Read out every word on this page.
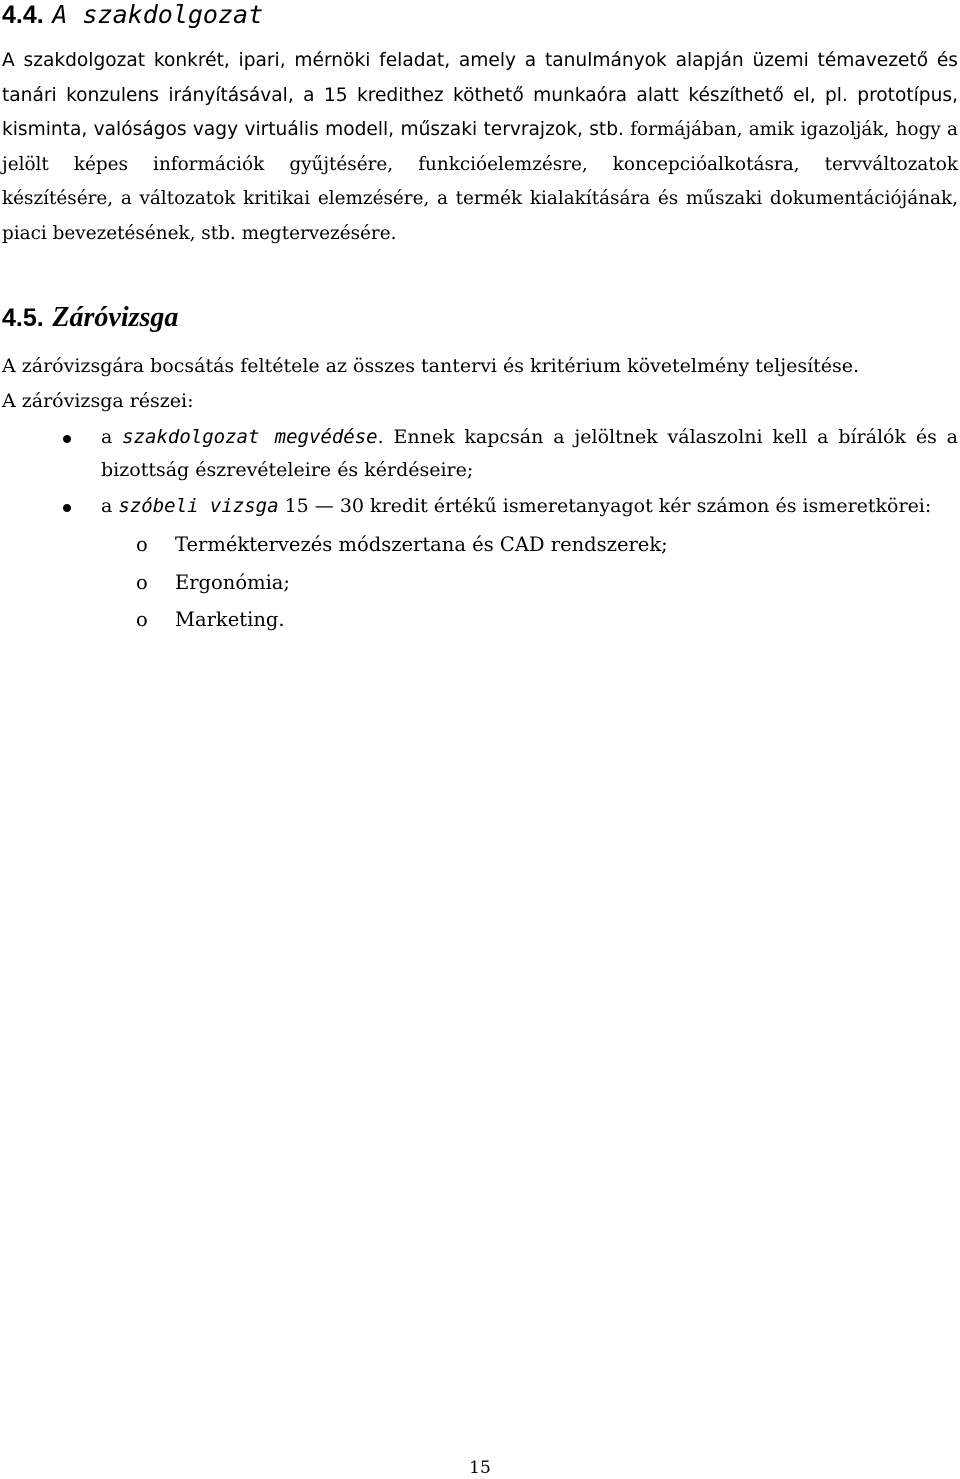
4.4. A szakdolgozat

A szakdolgozat konkrét, ipari, mérnöki feladat, amely a tanulmányok alapján üzemi témavezető és tanári konzulens irányításával, a 15 kredithez köthető munkaóra alatt készíthető el, pl. prototípus, kisminta, valóságos vagy virtuális modell, műszaki tervrajzok, stb. formájában, amik igazolják, hogy a jelölt képes információk gyűjtésére, funkcióelemzésre, koncepcióalkotásra, tervváltozatok készítésére, a változatok kritikai elemzésére, a termék kialakítására és műszaki dokumentációjának, piaci bevezetésének, stb. megtervezésére.

4.5. Záróvizsga

A záróvizsgára bocsátás feltétele az összes tantervi és kritérium követelmény teljesítése.

A záróvizsga részei:

a szakdolgozat megvédése. Ennek kapcsán a jelöltnek válaszolni kell a bírálók és a bizottság észrevételeire és kérdéseire;
a szóbeli vizsga 15 — 30 kredit értékű ismeretanyagot kér számon és ismeretkörei:
o Terméktervezés módszertana és CAD rendszerek;
o Ergonómia;
o Marketing.
15
